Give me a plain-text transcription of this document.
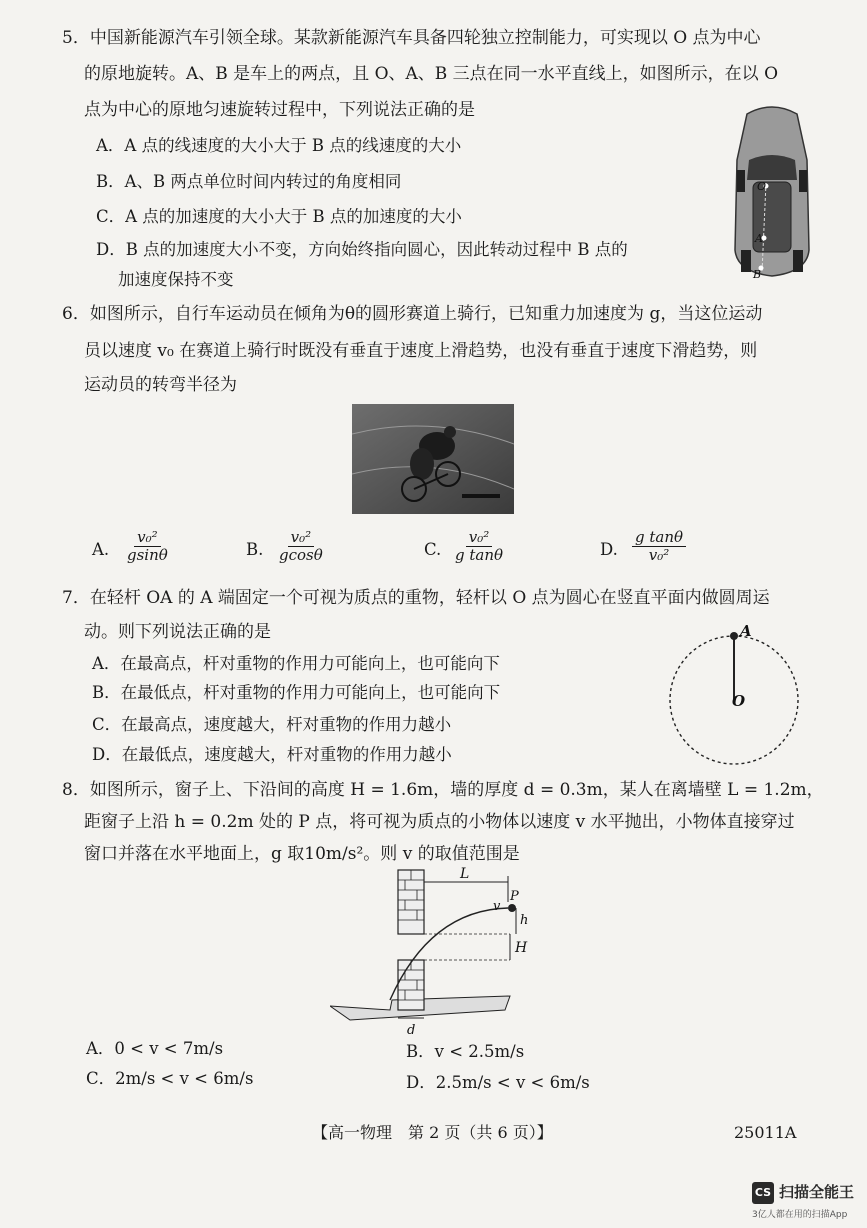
5．中国新能源汽车引领全球。某款新能源汽车具备四轮独立控制能力，可实现以 O 点为中心
的原地旋转。A、B 是车上的两点，且 O、A、B 三点在同一水平直线上，如图所示，在以 O
点为中心的原地匀速旋转过程中，下列说法正确的是
A．A 点的线速度的大小大于 B 点的线速度的大小
B．A、B 两点单位时间内转过的角度相同
C．A 点的加速度的大小大于 B 点的加速度的大小
D．B 点的加速度大小不变，方向始终指向圆心，因此转动过程中 B 点的
加速度保持不变
O
A
B
6．如图所示，自行车运动员在倾角为θ的圆形赛道上骑行，已知重力加速度为 g，当这位运动
员以速度 v₀ 在赛道上骑行时既没有垂直于速度上滑趋势，也没有垂直于速度下滑趋势，则
运动员的转弯半径为
A. $\frac{\text{v₀²}}{gsin\theta}$	B. $\frac{\text{v₀²}}{gcos\theta}$	C. $\frac{\text{v₀²}}{\text{g tanθ}}$	D. $\frac{\text{g tanθ}}{\text{v₀²}}$
7．在轻杆 OA 的 A 端固定一个可视为质点的重物，轻杆以 O 点为圆心在竖直平面内做圆周运
动。则下列说法正确的是
A．在最高点，杆对重物的作用力可能向上，也可能向下
B．在最低点，杆对重物的作用力可能向上，也可能向下
C．在最高点，速度越大，杆对重物的作用力越小
D．在最低点，速度越大，杆对重物的作用力越小
A
O
8．如图所示，窗子上、下沿间的高度 H = 1.6m，墙的厚度 d = 0.3m，某人在离墙壁 L = 1.2m，
距窗子上沿 h = 0.2m 处的 P 点，将可视为质点的小物体以速度 v 水平抛出，小物体直接穿过
窗口并落在水平地面上，g 取10m/s²。则 v 的取值范围是
L
P
v
h
H
d
A．0 < v < 7m/s	B．v < 2.5m/s
C．2m/s < v < 6m/s	D．2.5m/s < v < 6m/s
【高一物理　第 2 页（共 6 页）】	25011A
CS 扫描全能王
3亿人都在用的扫描App
